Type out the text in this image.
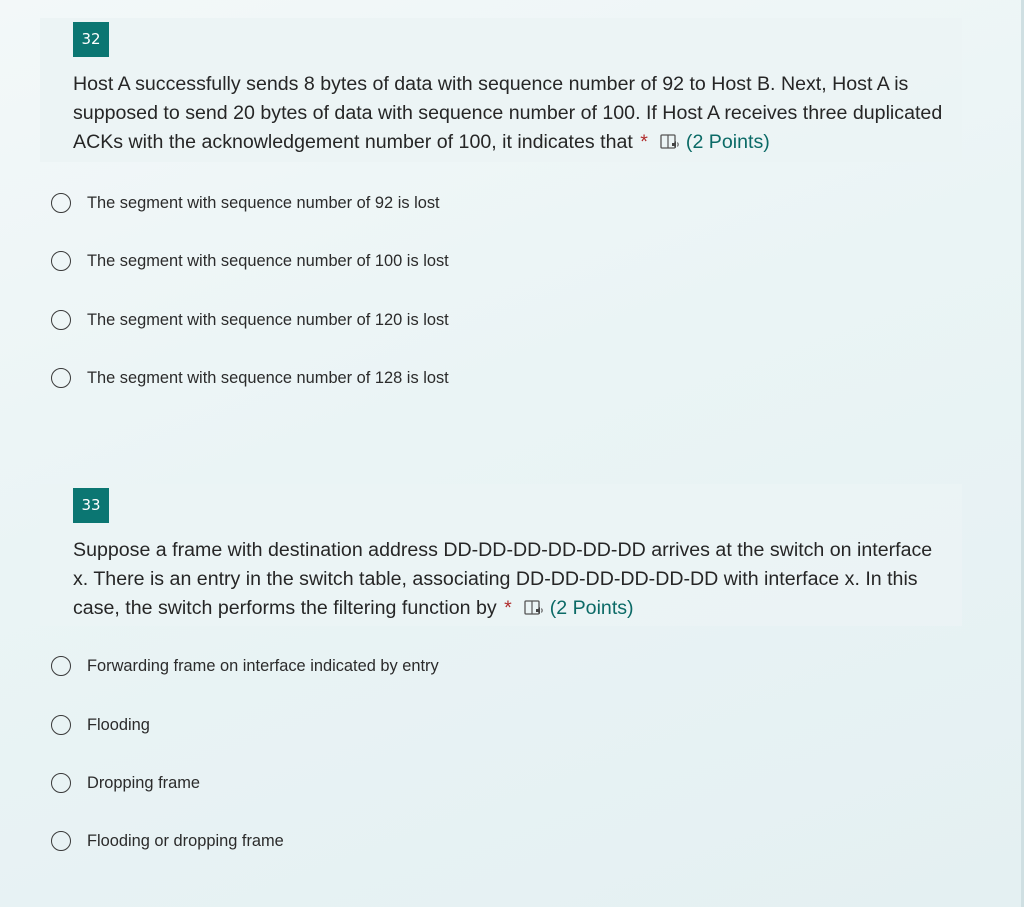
32

Host A successfully sends 8 bytes of data with sequence number of 92 to Host B. Next, Host A is supposed to send 20 bytes of data with sequence number of 100. If Host A receives three duplicated ACKs with the acknowledgement number of 100, it indicates that * (2 Points)

The segment with sequence number of 92 is lost
The segment with sequence number of 100 is lost
The segment with sequence number of 120 is lost
The segment with sequence number of 128 is lost
33

Suppose a frame with destination address DD-DD-DD-DD-DD-DD arrives at the switch on interface x. There is an entry in the switch table, associating DD-DD-DD-DD-DD-DD with interface x. In this case, the switch performs the filtering function by * (2 Points)

Forwarding frame on interface indicated by entry
Flooding
Dropping frame
Flooding or dropping frame
